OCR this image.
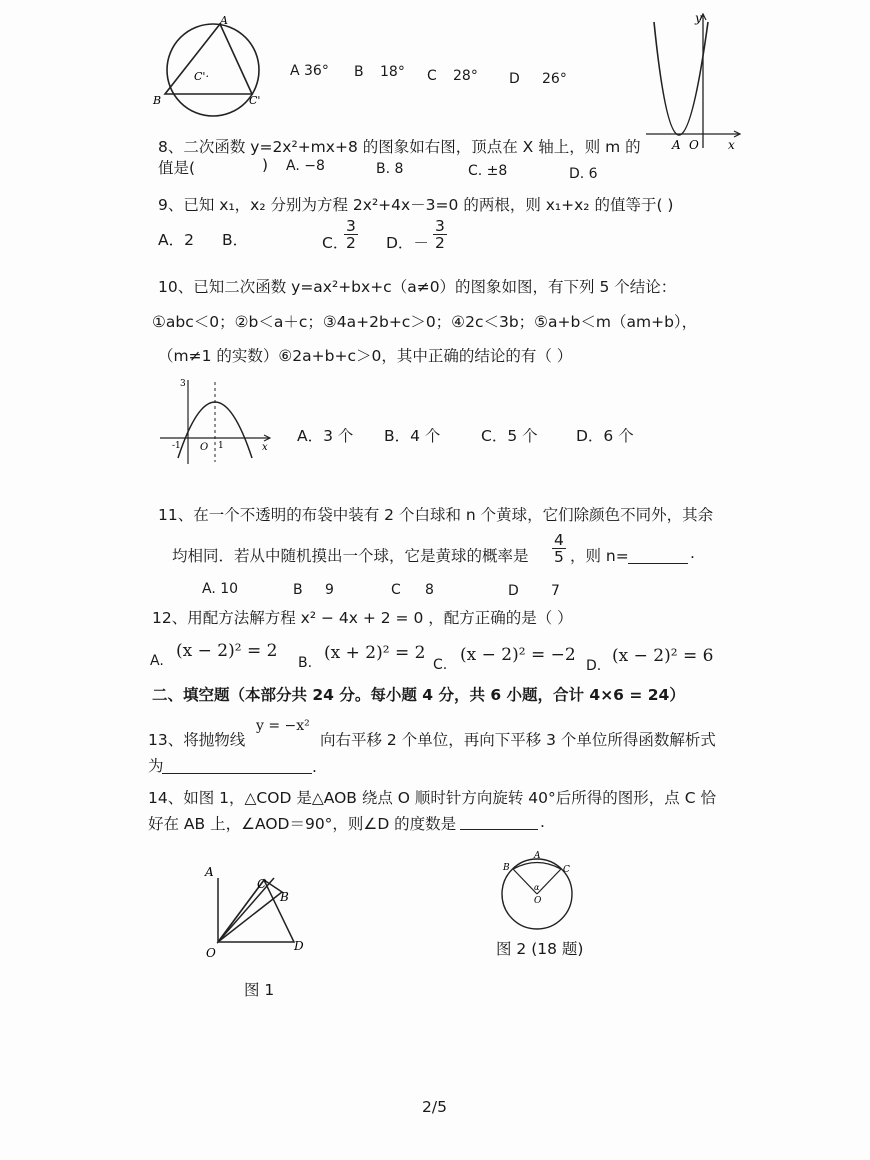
A
B	C'
C'·	A 36° B 18° C 28° D 26°
y
x
A O
8、二次函数 y=2x²+mx+8 的图象如右图，顶点在 X 轴上，则 m 的
值是(	) A. −8	B. 8	C. ±8	D. 6
9、已知 x₁，x₂ 分别为方程 2x²+4x－3=0 的两根，则 x₁+x₂ 的值等于( )
A．2 B．	C．
$\frac{3}{2}$ D．－ $\frac{3}{2}$
10、已知二次函数 y=ax²+bx+c（a≠0）的图象如图，有下列 5 个结论：
①abc＜0；②b＜a＋c；③4a+2b+c＞0；④2c＜3b；⑤a+b＜m（am+b），
（m≠1 的实数）⑥2a+b+c＞0，其中正确的结论的有（ ）
3
-1 O 1	x
A．3 个 B．4 个	C．5 个 D．6 个
11、在一个不透明的布袋中装有 2 个白球和 n 个黄球，它们除颜色不同外，其余
均相同．若从中随机摸出一个球，它是黄球的概率是 $\frac{4}{5}$ ，则 n=	.
A. 10	B 9	C 8	D 7
12、用配方法解方程 x² − 4x + 2 = 0 ，配方正确的是（ ）
A. (x − 2)² = 2
B. (x + 2)² = 2
C. (x − 2)² = −2
D. (x − 2)² = 6
二、填空题（本部分共 24 分。每小题 4 分，共 6 小题，合计 4×6 = 24）
13、将抛物线
y = −x²
向右平移 2 个单位，再向下平移 3 个单位所得函数解析式
为	.
14、如图 1，△COD 是△AOB 绕点 O 顺时针方向旋转 40°后所得的图形，点 C 恰
好在 AB 上，∠AOD＝90°，则∠D 的度数是	.
A
C
B
O	D
图 1
B
A
C
α
O
图 2 (18 题)
2/5
